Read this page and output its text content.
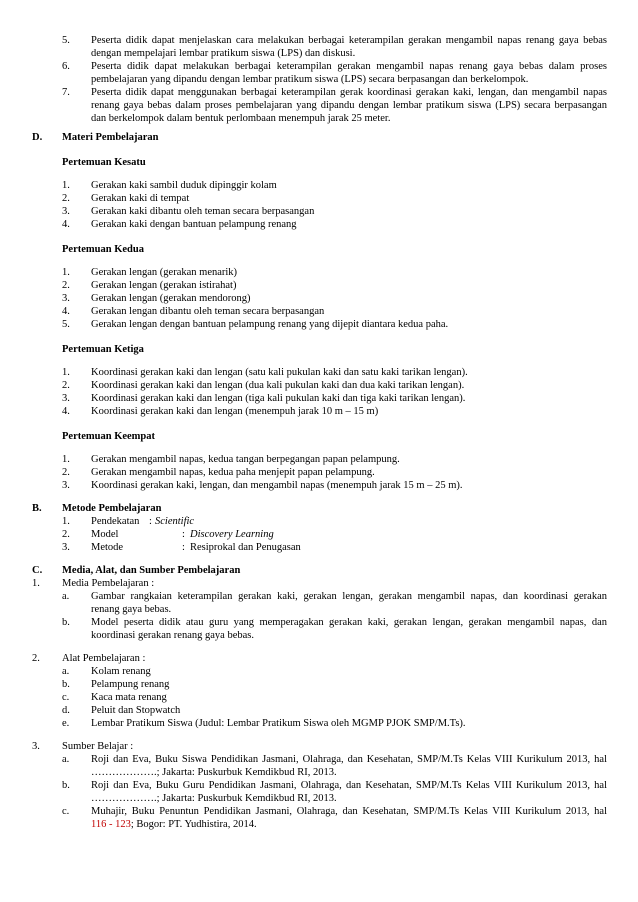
5. Peserta didik dapat menjelaskan cara melakukan berbagai keterampilan gerakan mengambil napas renang gaya bebas
dengan mempelajari lembar pratikum siswa (LPS) dan diskusi.
6. Peserta didik dapat melakukan berbagai keterampilan gerakan mengambil napas renang gaya bebas dalam proses
pembelajaran yang dipandu dengan lembar pratikum siswa (LPS) secara berpasangan dan berkelompok.
7. Peserta didik dapat menggunakan berbagai keterampilan gerak koordinasi gerakan kaki, lengan, dan mengambil napas
renang gaya bebas dalam proses pembelajaran yang dipandu dengan lembar pratikum siswa (LPS) secara berpasangan
dan berkelompok dalam bentuk perlombaan menempuh jarak 25 meter.
D. Materi Pembelajaran
Pertemuan Kesatu
1. Gerakan kaki sambil duduk dipinggir kolam
2. Gerakan kaki di tempat
3. Gerakan kaki dibantu oleh teman secara berpasangan
4. Gerakan kaki dengan bantuan pelampung renang
Pertemuan Kedua
1. Gerakan lengan (gerakan menarik)
2. Gerakan lengan (gerakan istirahat)
3. Gerakan lengan (gerakan mendorong)
4. Gerakan lengan dibantu oleh teman secara berpasangan
5. Gerakan lengan dengan bantuan pelampung renang yang dijepit diantara kedua paha.
Pertemuan Ketiga
1. Koordinasi gerakan kaki dan lengan (satu kali pukulan kaki dan satu kaki tarikan lengan).
2. Koordinasi gerakan kaki dan lengan (dua kali pukulan kaki dan dua kaki tarikan lengan).
3. Koordinasi gerakan kaki dan lengan (tiga kali pukulan kaki dan tiga kaki tarikan lengan).
4. Koordinasi gerakan kaki dan lengan (menempuh jarak 10 m – 15 m)
Pertemuan Keempat
1. Gerakan mengambil napas, kedua tangan berpegangan papan pelampung.
2. Gerakan mengambil napas, kedua paha menjepit papan pelampung.
3. Koordinasi gerakan kaki, lengan, dan mengambil napas (menempuh jarak 15 m – 25 m).
B. Metode Pembelajaran
1. Pendekatan : Scientific
2. Model	: Discovery Learning
3. Metode	: Resiprokal dan Penugasan
C. Media, Alat, dan Sumber Pembelajaran
1. Media Pembelajaran :
a. Gambar rangkaian keterampilan gerakan kaki, gerakan lengan, gerakan mengambil napas, dan koordinasi gerakan
renang gaya bebas.
b. Model peserta didik atau guru yang memperagakan gerakan kaki, gerakan lengan, gerakan mengambil napas, dan
koordinasi gerakan renang gaya bebas.
2. Alat Pembelajaran :
a. Kolam renang
b. Pelampung renang
c. Kaca mata renang
d. Peluit dan Stopwatch
e. Lembar Pratikum Siswa (Judul: Lembar Pratikum Siswa oleh MGMP PJOK SMP/M.Ts).
3. Sumber Belajar :
a. Roji dan Eva, Buku Siswa Pendidikan Jasmani, Olahraga, dan Kesehatan, SMP/M.Ts Kelas VIII Kurikulum 2013, hal
……………….; Jakarta: Puskurbuk Kemdikbud RI, 2013.
b. Roji dan Eva, Buku Guru Pendidikan Jasmani, Olahraga, dan Kesehatan, SMP/M.Ts Kelas VIII Kurikulum 2013, hal
……………….; Jakarta: Puskurbuk Kemdikbud RI, 2013.
c. Muhajir, Buku Penuntun Pendidikan Jasmani, Olahraga, dan Kesehatan, SMP/M.Ts Kelas VIII Kurikulum 2013, hal
116 - 123; Bogor: PT. Yudhistira, 2014.
